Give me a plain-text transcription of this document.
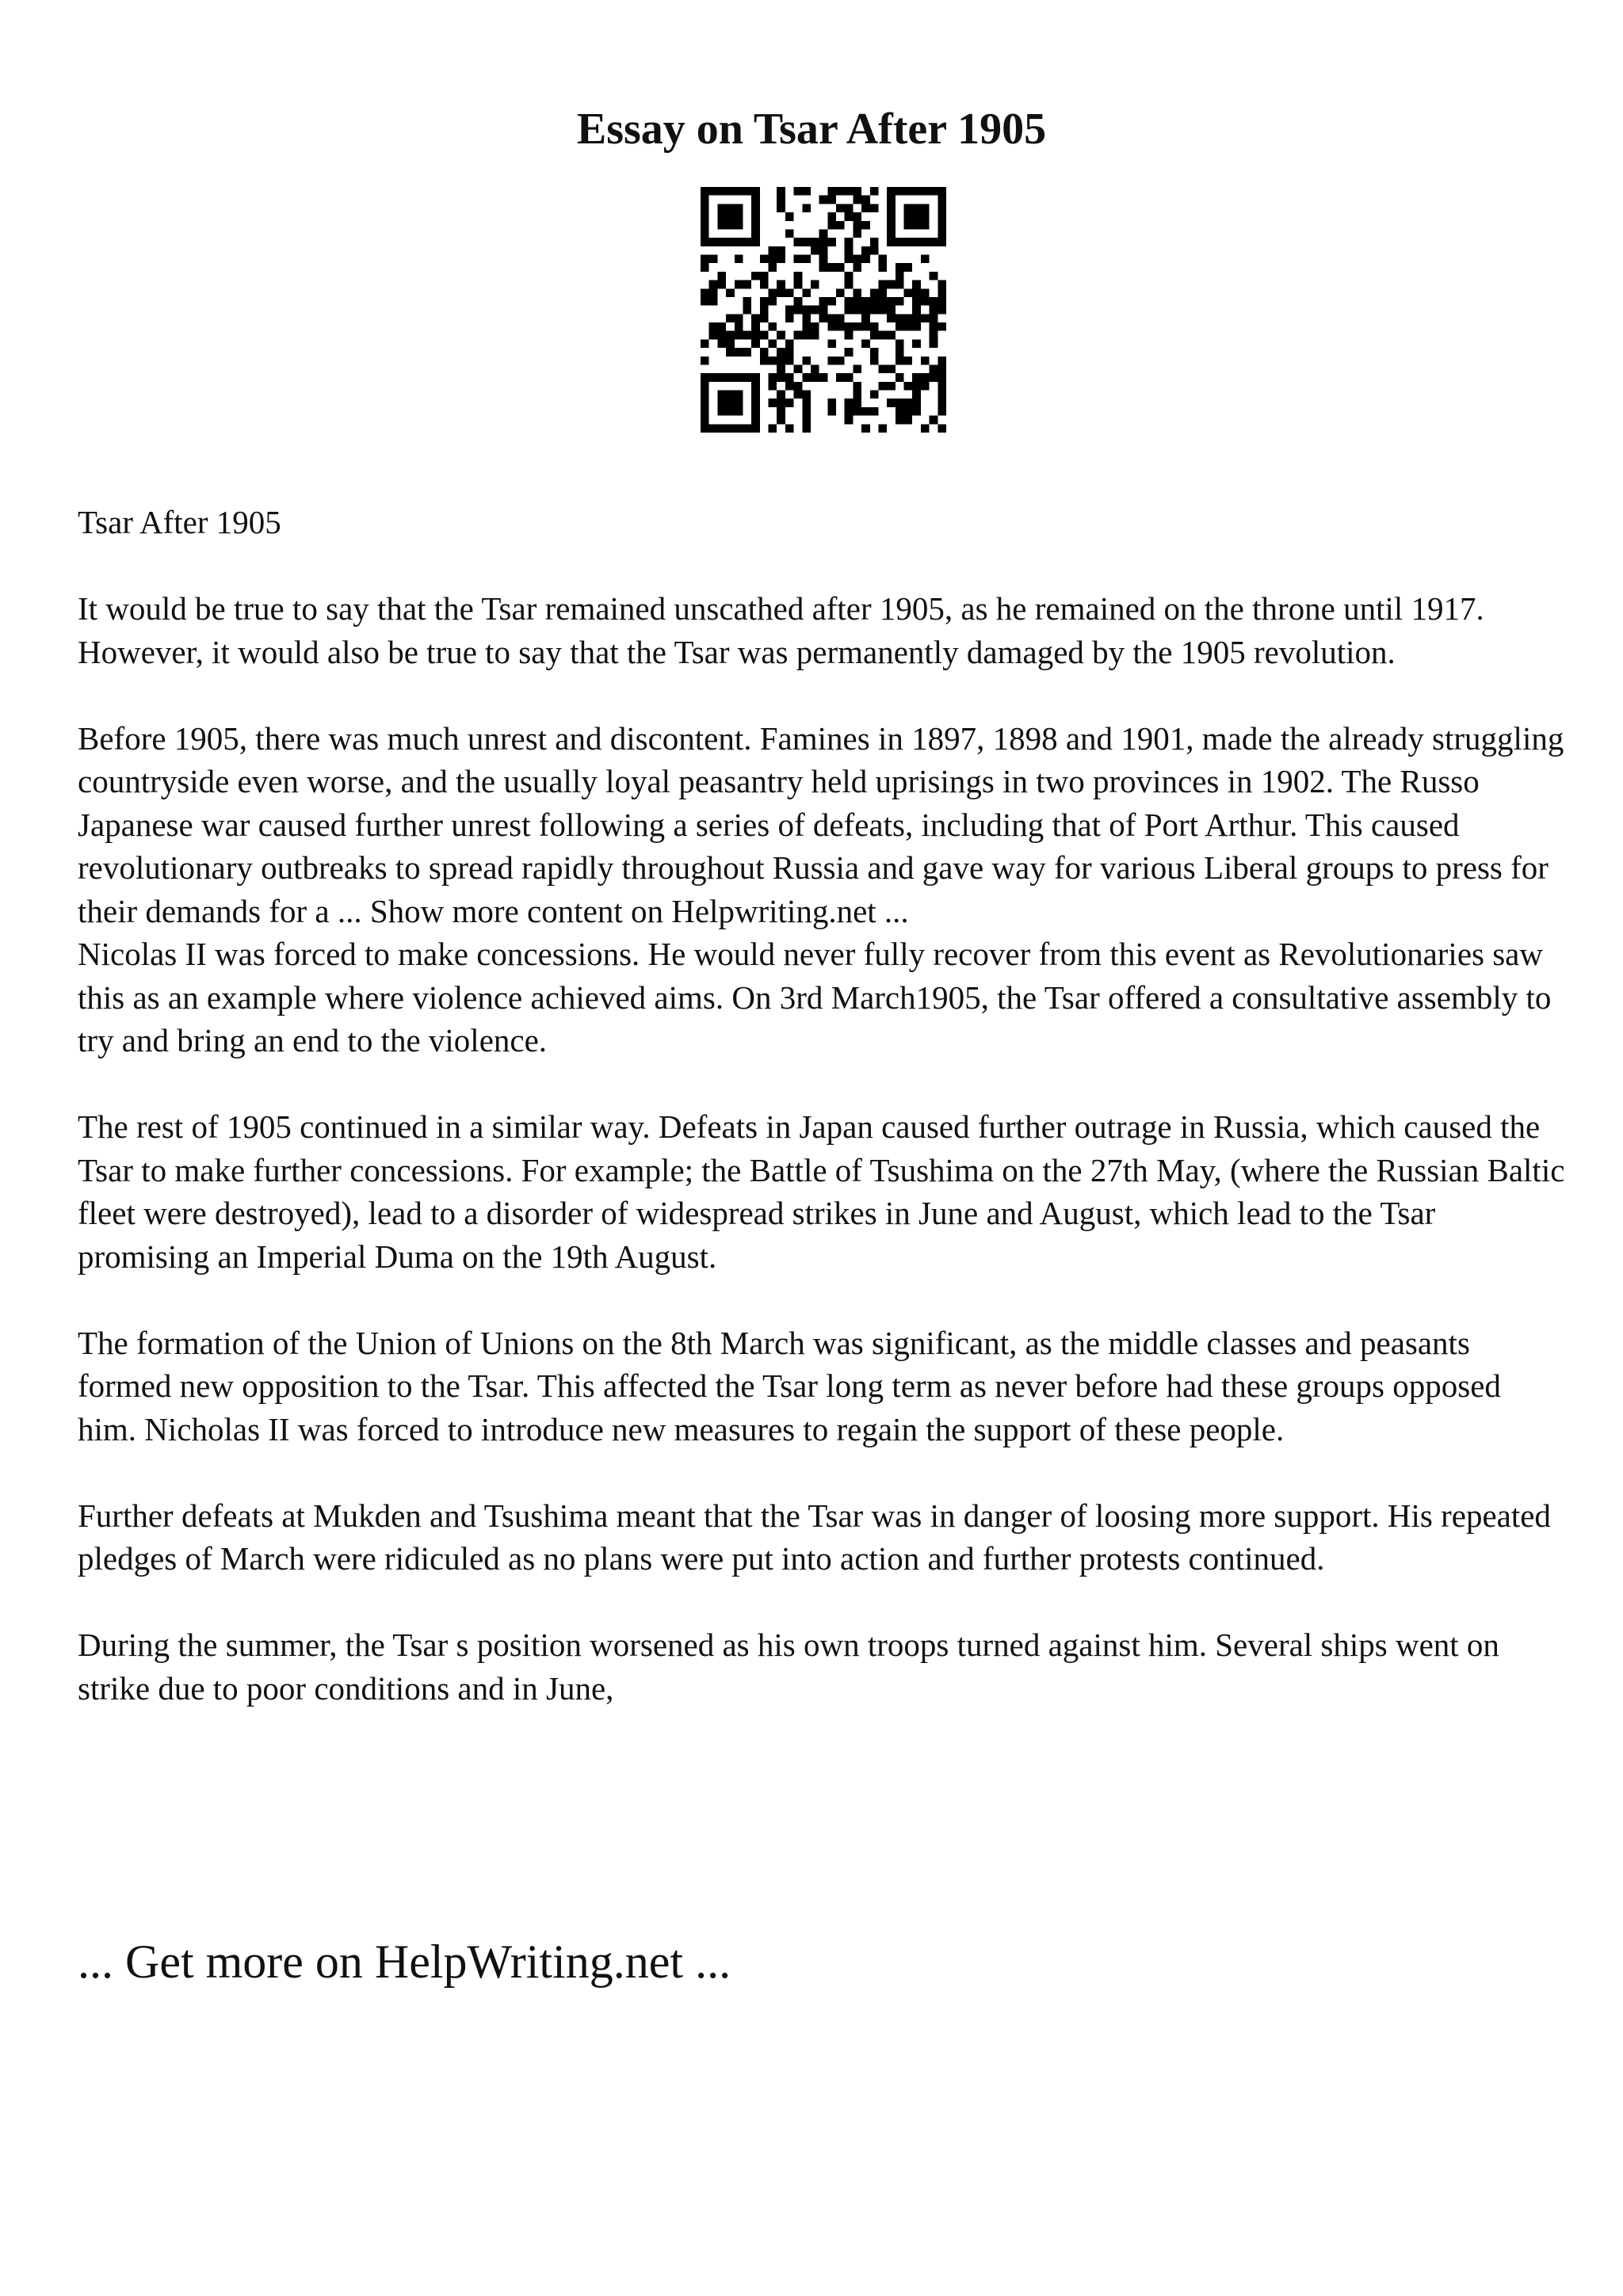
Essay on Tsar After 1905

Tsar After 1905

It would be true to say that the Tsar remained unscathed after 1905, as he remained on the throne until 1917. However, it would also be true to say that the Tsar was permanently damaged by the 1905 revolution.

Before 1905, there was much unrest and discontent. Famines in 1897, 1898 and 1901, made the already struggling countryside even worse, and the usually loyal peasantry held uprisings in two provinces in 1902. The Russo Japanese war caused further unrest following a series of defeats, including that of Port Arthur. This caused revolutionary outbreaks to spread rapidly throughout Russia and gave way for various Liberal groups to press for their demands for a ... Show more content on Helpwriting.net ...

Nicolas II was forced to make concessions. He would never fully recover from this event as Revolutionaries saw this as an example where violence achieved aims. On 3rd March1905, the Tsar offered a consultative assembly to try and bring an end to the violence.

The rest of 1905 continued in a similar way. Defeats in Japan caused further outrage in Russia, which caused the Tsar to make further concessions. For example; the Battle of Tsushima on the 27th May, (where the Russian Baltic fleet were destroyed), lead to a disorder of widespread strikes in June and August, which lead to the Tsar promising an Imperial Duma on the 19th August.

The formation of the Union of Unions on the 8th March was significant, as the middle classes and peasants formed new opposition to the Tsar. This affected the Tsar long term as never before had these groups opposed him. Nicholas II was forced to introduce new measures to regain the support of these people.

Further defeats at Mukden and Tsushima meant that the Tsar was in danger of loosing more support. His repeated pledges of March were ridiculed as no plans were put into action and further protests continued.

During the summer, the Tsar s position worsened as his own troops turned against him. Several ships went on strike due to poor conditions and in June,

... Get more on HelpWriting.net ...
